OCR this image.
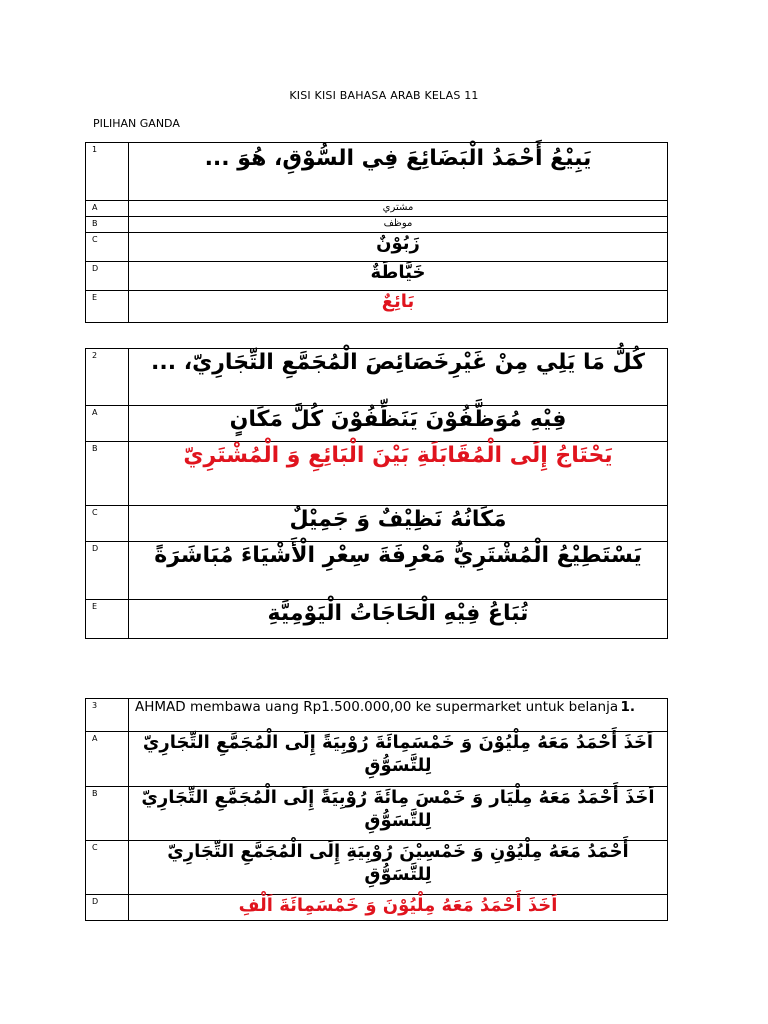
KISI KISI BAHASA ARAB KELAS 11
PILIHAN GANDA
1	يَبِيْعُ أَحْمَدُ الْبَضَائِعَ فِي السُّوْقِ، هُوَ ...
A	مشتري
B	موظف
C	زَبُوْنٌ
D	خَيَّاطَةٌ
E	بَائِعٌ
2	كُلُّ مَا يَلِي مِنْ غَيْرِخَصَائِصَ الْمُجَمَّعِ التِّجَارِيّ، ...
A	فِيْهِ مُوَظَّفُوْنَ يَنَظِّفُوْنَ كُلَّ مَكَانٍ
B	يَحْتَاجُ إِلَى الْمُقَابَلَةِ بَيْنَ الْبَائِعِ وَ الْمُشْتَرِيّ
C	مَكَانُهُ نَظِيْفٌ وَ جَمِيْلٌ
D	يَسْتَطِيْعُ الْمُشْتَرِيُّ مَعْرِفَةَ سِعْرِ الْأَشْيَاءَ مُبَاشَرَةً
E	تُبَاعُ فِيْهِ الْحَاجَاتُ الْيَوْمِيَّةِ
3	AHMAD membawa uang Rp1.500.000,00 ke supermarket untuk belanja 1.

A	اَخَذَ أَحْمَدُ مَعَهُ مِلْيُوْنَ وَ خَمْسَمِائَةَ رُوْبِيَةً إِلَى الْمُجَمَّعِ التِّجَارِيّ لِلتَّسَوُّقِ
B	اَخَذَ أَحْمَدُ مَعَهُ مِلْيَار وَ خَمْسَ مِائَةَ رُوْبِيَةً إِلَى الْمُجَمَّعِ التِّجَارِيّ لِلتَّسَوُّقِ
C	أَحْمَدُ مَعَهُ مِلْيُوْنِ وَ خَمْسِيْنَ رُوْبِيَةِ إِلَى الْمُجَمَّعِ التِّجَارِيّ لِلتَّسَوُّقِ
D	اَخَذَ أَحْمَدُ مَعَهُ مِلْيُوْنَ وَ خَمْسَمِائَةَ اَلْفِ
